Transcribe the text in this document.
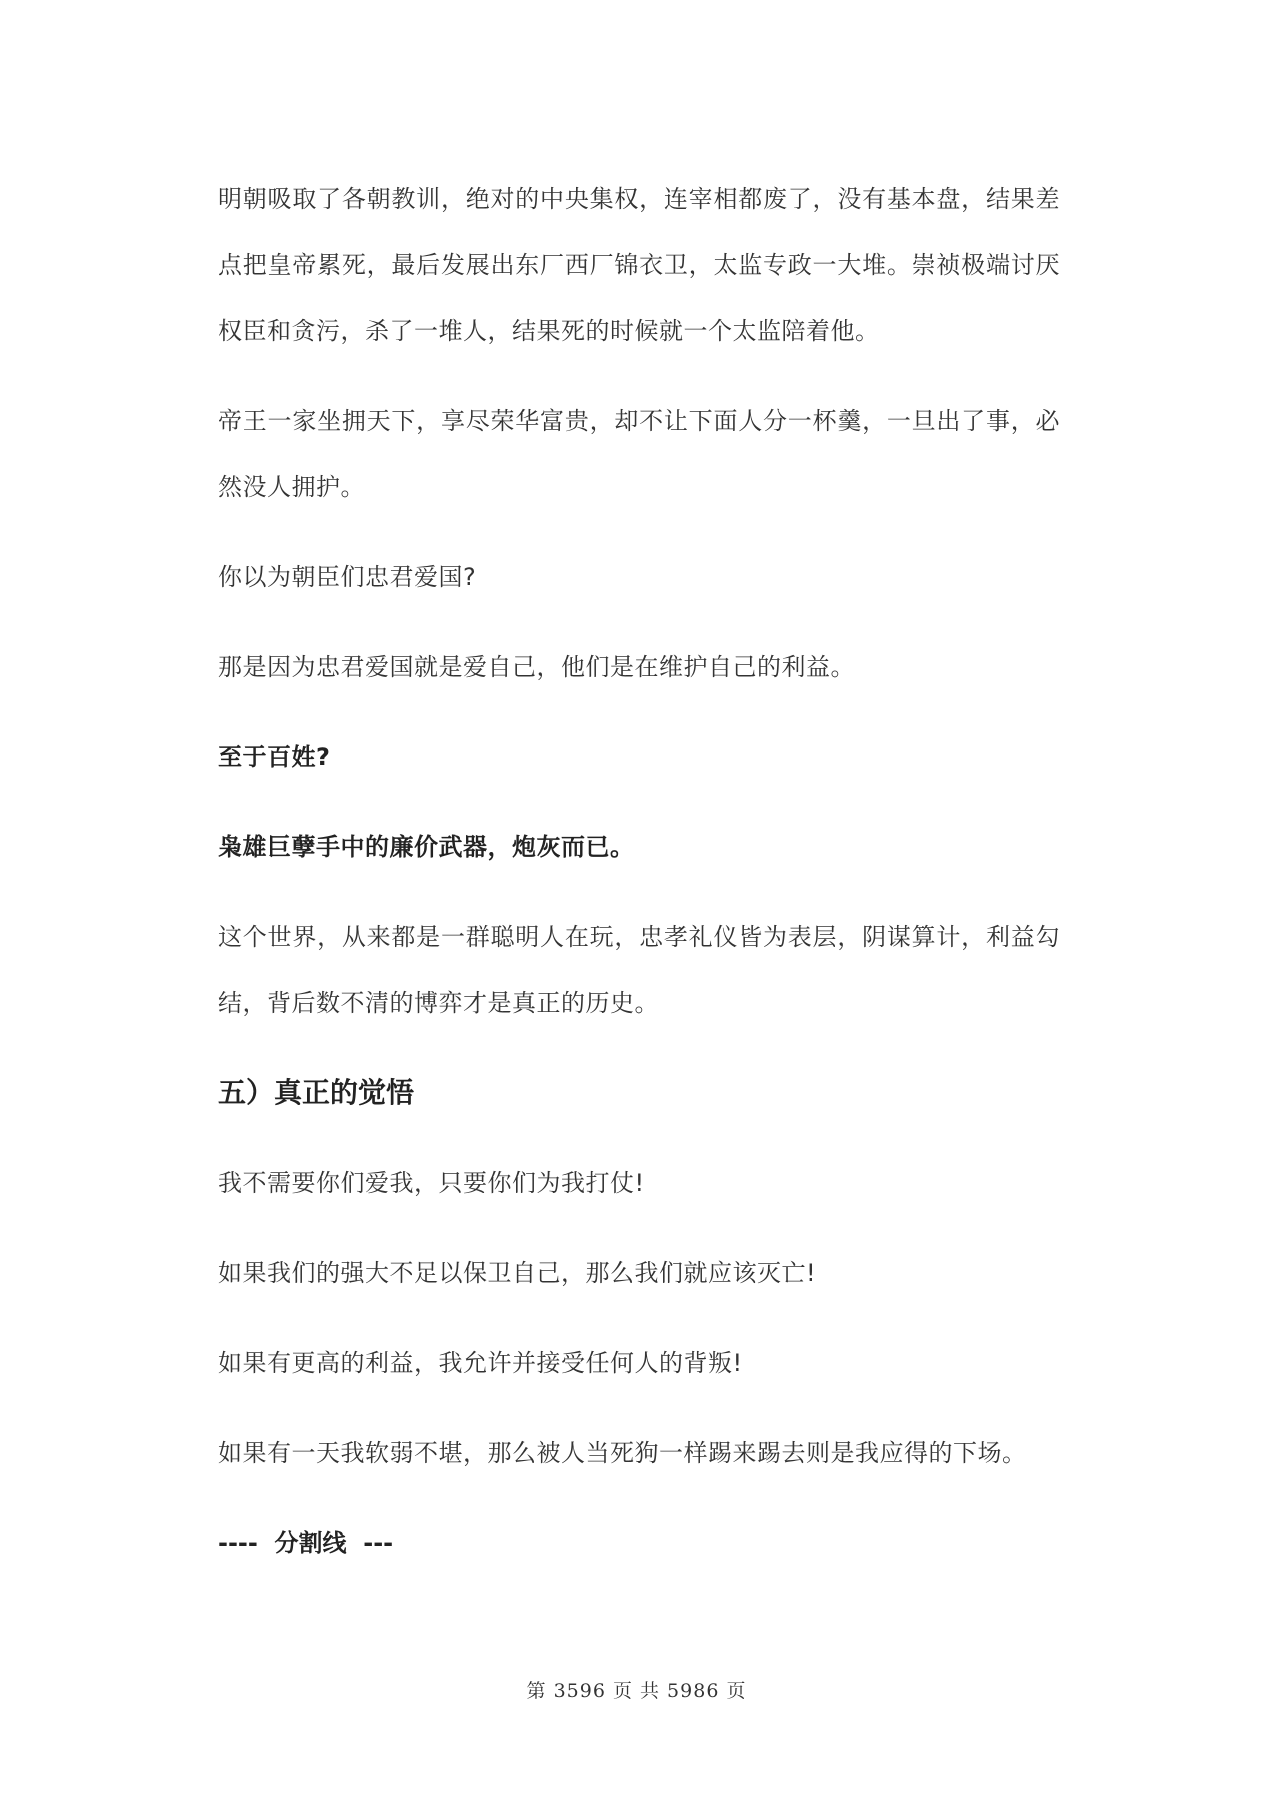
明朝吸取了各朝教训，绝对的中央集权，连宰相都废了，没有基本盘，结果差点把皇帝累死，最后发展出东厂西厂锦衣卫，太监专政一大堆。崇祯极端讨厌权臣和贪污，杀了一堆人，结果死的时候就一个太监陪着他。

帝王一家坐拥天下，享尽荣华富贵，却不让下面人分一杯羹，一旦出了事，必然没人拥护。

你以为朝臣们忠君爱国?

那是因为忠君爱国就是爱自己，他们是在维护自己的利益。

至于百姓?

枭雄巨孽手中的廉价武器，炮灰而已。

这个世界，从来都是一群聪明人在玩，忠孝礼仪皆为表层，阴谋算计，利益勾结，背后数不清的博弈才是真正的历史。

五）真正的觉悟

我不需要你们爱我，只要你们为我打仗!

如果我们的强大不足以保卫自己，那么我们就应该灭亡!

如果有更高的利益，我允许并接受任何人的背叛!

如果有一天我软弱不堪，那么被人当死狗一样踢来踢去则是我应得的下场。

----  分割线  ---

第 3596 页 共 5986 页
